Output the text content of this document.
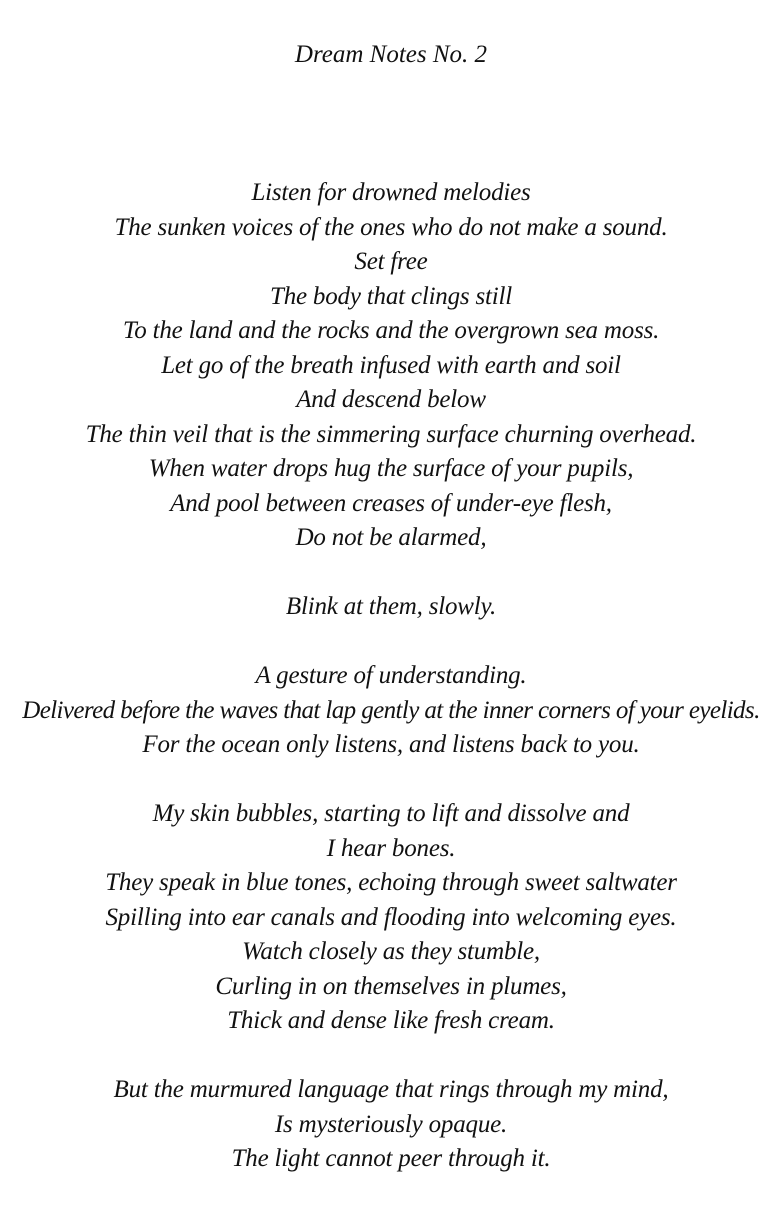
Dream Notes No. 2
Listen for drowned melodies
The sunken voices of the ones who do not make a sound.
Set free
The body that clings still
To the land and the rocks and the overgrown sea moss.
Let go of the breath infused with earth and soil
And descend below
The thin veil that is the simmering surface churning overhead.
When water drops hug the surface of your pupils,
And pool between creases of under-eye flesh,
Do not be alarmed,
Blink at them, slowly.
A gesture of understanding.
Delivered before the waves that lap gently at the inner corners of your eyelids.
For the ocean only listens, and listens back to you.
My skin bubbles, starting to lift and dissolve and
I hear bones.
They speak in blue tones, echoing through sweet saltwater
Spilling into ear canals and flooding into welcoming eyes.
Watch closely as they stumble,
Curling in on themselves in plumes,
Thick and dense like fresh cream.
But the murmured language that rings through my mind,
Is mysteriously opaque.
The light cannot peer through it.
